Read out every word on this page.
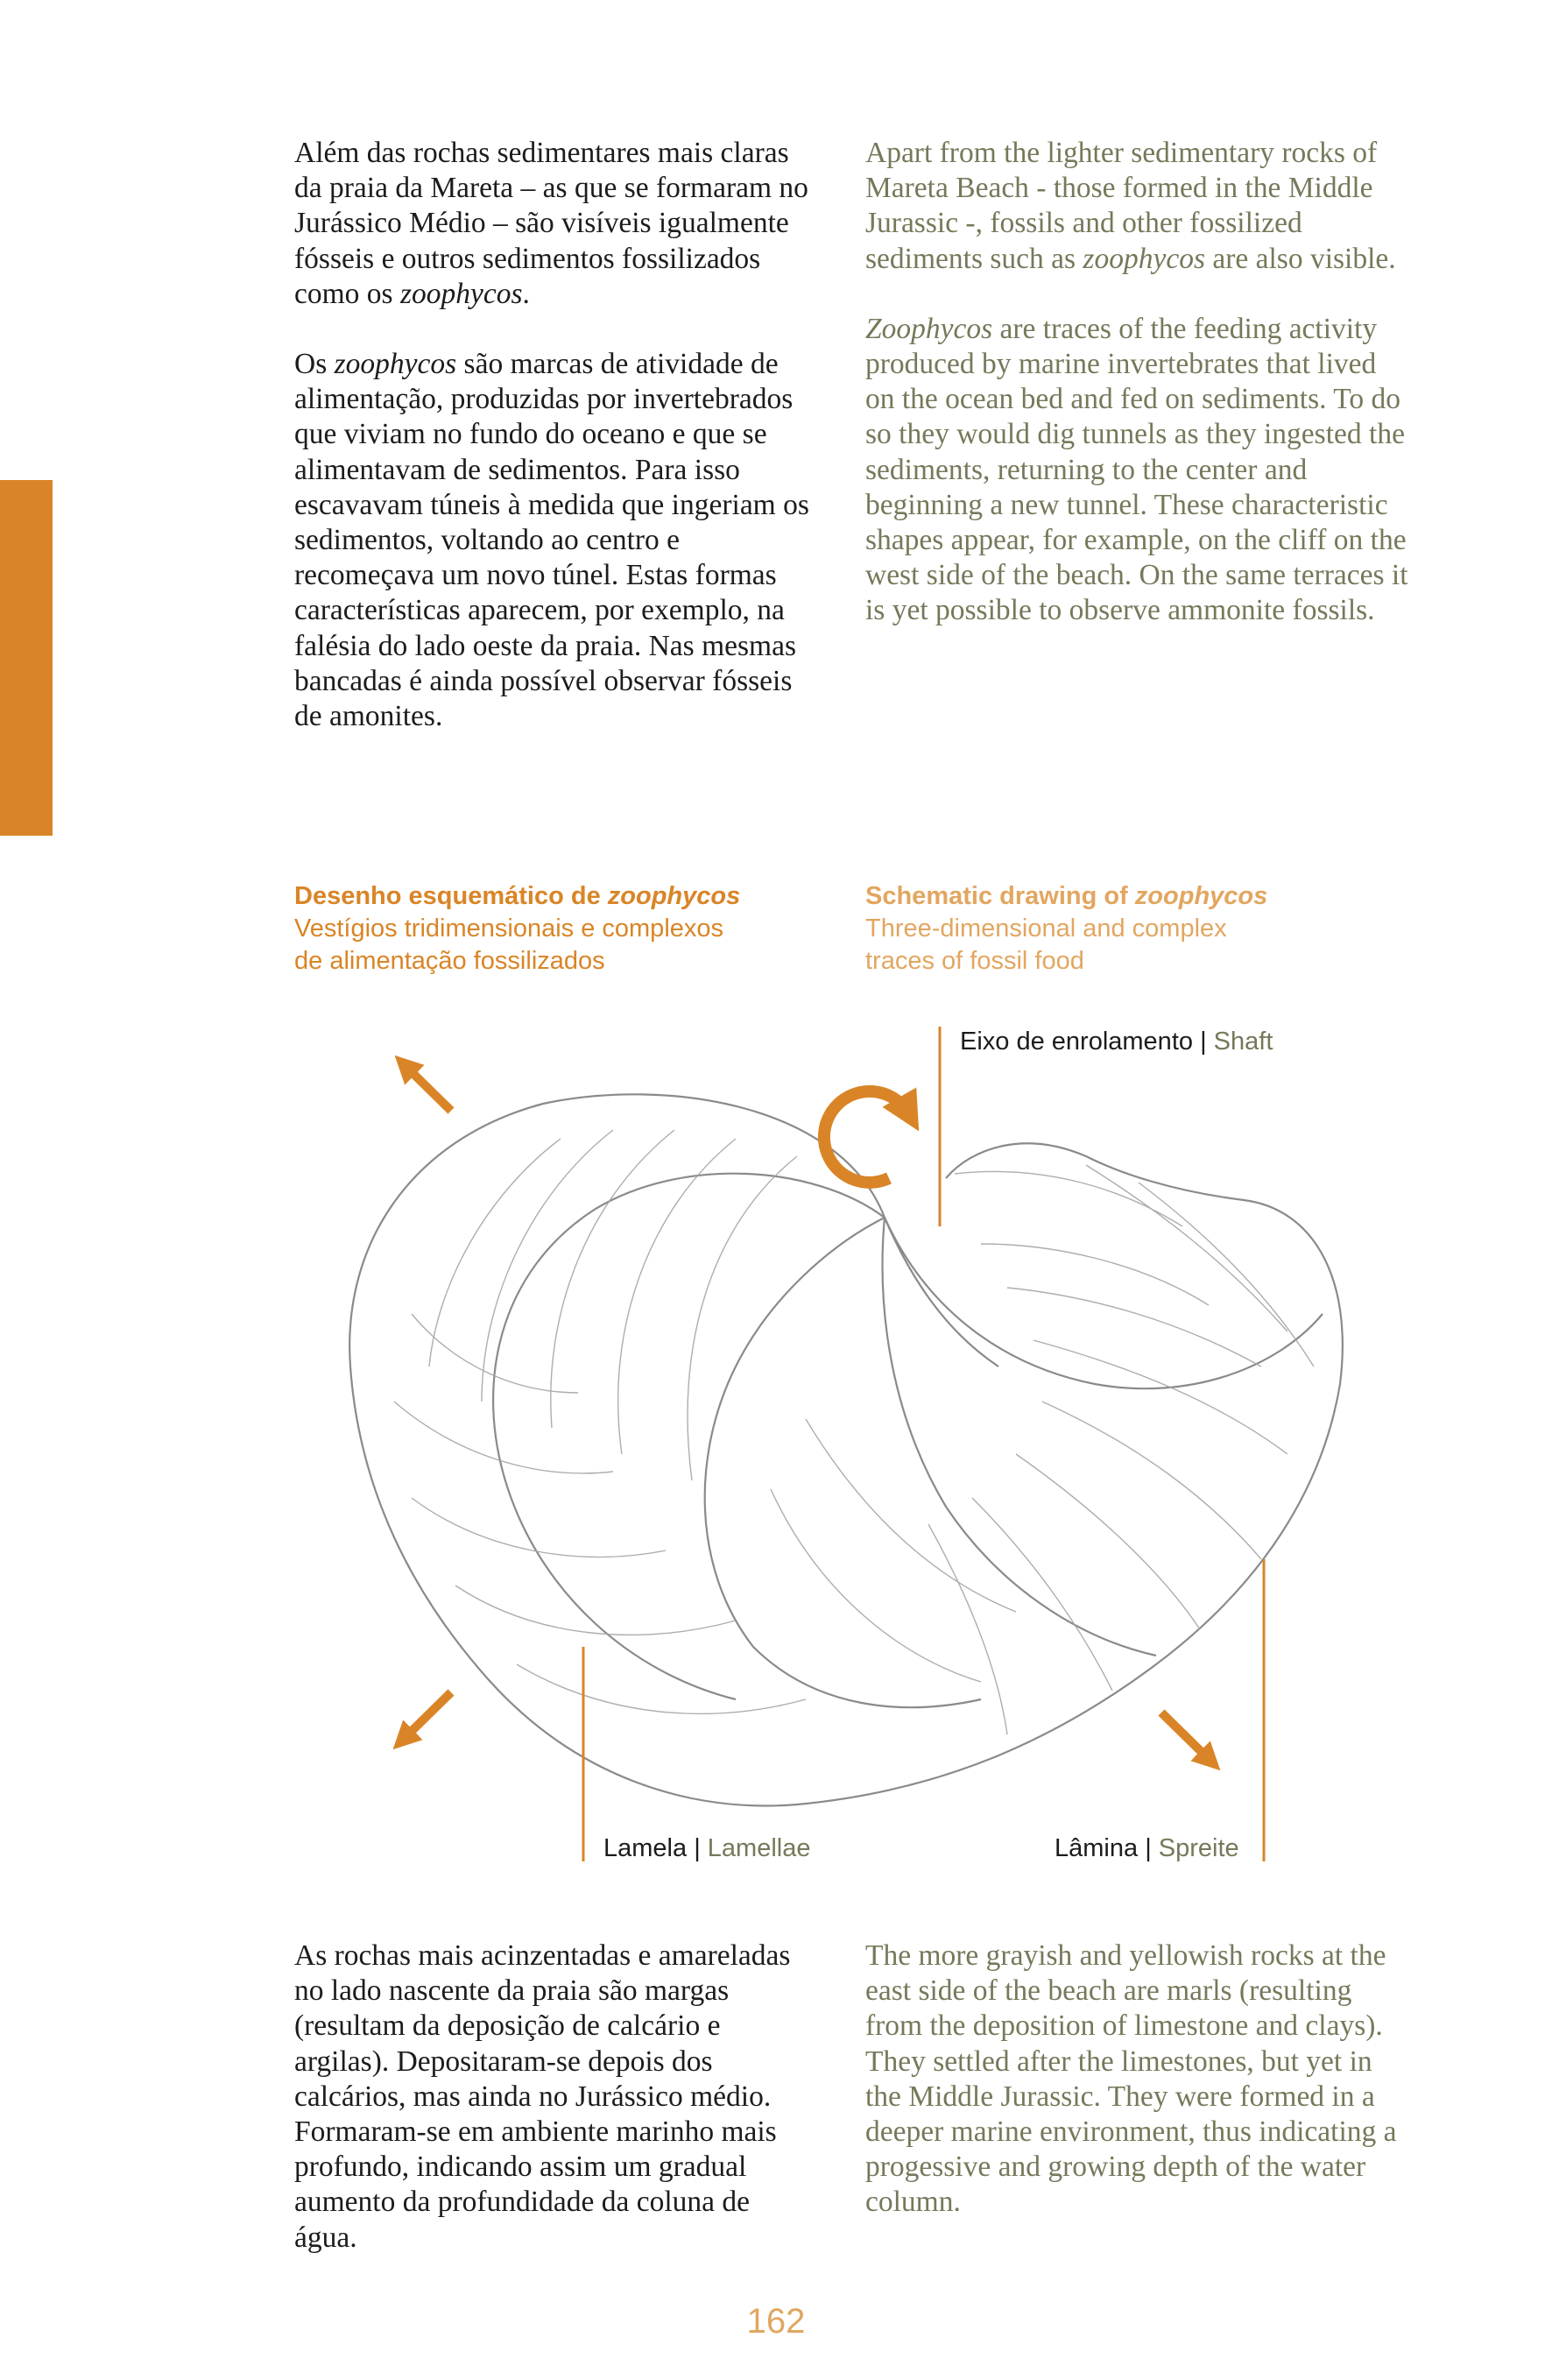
Além das rochas sedimentares mais claras da praia da Mareta – as que se formaram no Jurássico Médio – são visíveis igualmente fósseis e outros sedimentos fossilizados como os zoophycos.

Os zoophycos são marcas de atividade de alimentação, produzidas por invertebrados que viviam no fundo do oceano e que se alimentavam de sedimentos. Para isso escavavam túneis à medida que ingeriam os sedimentos, voltando ao centro e recomeçava um novo túnel. Estas formas características aparecem, por exemplo, na falésia do lado oeste da praia. Nas mesmas bancadas é ainda possível observar fósseis de amonites.

Apart from the lighter sedimentary rocks of Mareta Beach - those formed in the Middle Jurassic -, fossils and other fossilized sediments such as zoophycos are also visible.

Zoophycos are traces of the feeding activity produced by marine invertebrates that lived on the ocean bed and fed on sediments. To do so they would dig tunnels as they ingested the sediments, returning to the center and beginning a new tunnel. These characteristic shapes appear, for example, on the cliff on the west side of the beach. On the same terraces it is yet possible to observe ammonite fossils.

Desenho esquemático de zoophycos
Vestígios tridimensionais e complexos
de alimentação fossilizados
Schematic drawing of zoophycos
Three-dimensional and complex
traces of fossil food
Eixo de enrolamento | Shaft
Lamela | Lamellae	Lâmina | Spreite

As rochas mais acinzentadas e amareladas no lado nascente da praia são margas (resultam da deposição de calcário e argilas). Depositaram-se depois dos calcários, mas ainda no Jurássico médio. Formaram-se em ambiente marinho mais profundo, indicando assim um gradual aumento da profundidade da coluna de água.

The more grayish and yellowish rocks at the east side of the beach are marls (resulting from the deposition of limestone and clays). They settled after the limestones, but yet in the Middle Jurassic. They were formed in a deeper marine environment, thus indicating a progessive and growing depth of the water column.

162
